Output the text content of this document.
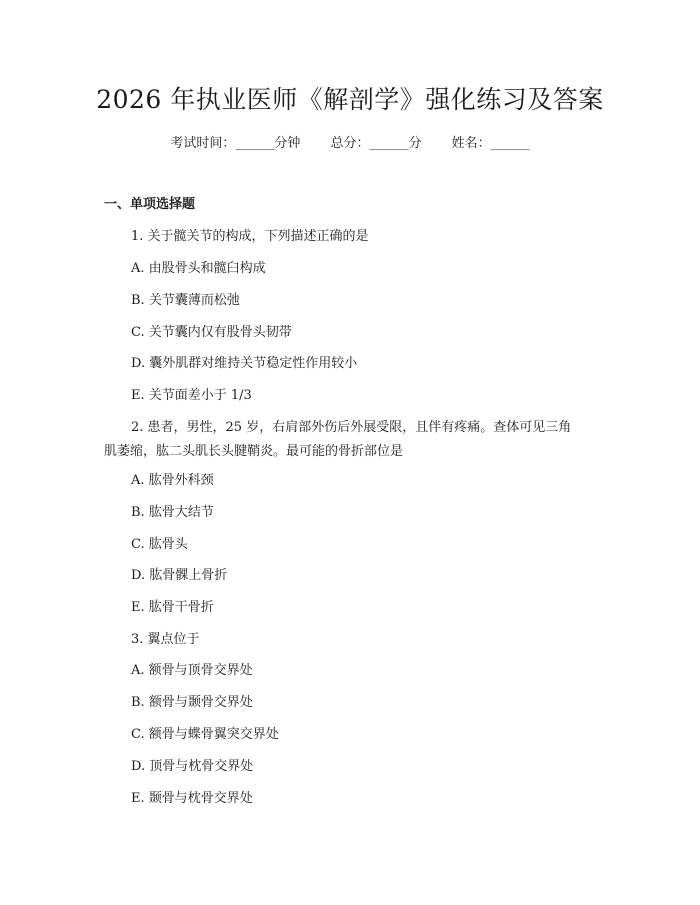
2026 年执业医师《解剖学》强化练习及答案
考试时间：______分钟 总分：______分 姓名：______
一、单项选择题
1. 关于髋关节的构成，下列描述正确的是
A. 由股骨头和髋臼构成
B. 关节囊薄而松弛
C. 关节囊内仅有股骨头韧带
D. 囊外肌群对维持关节稳定性作用较小
E. 关节面差小于 1/3
2. 患者，男性，25 岁，右肩部外伤后外展受限，且伴有疼痛。查体可见三角
肌萎缩，肱二头肌长头腱鞘炎。最可能的骨折部位是
A. 肱骨外科颈
B. 肱骨大结节
C. 肱骨头
D. 肱骨髁上骨折
E. 肱骨干骨折
3. 翼点位于
A. 额骨与顶骨交界处
B. 额骨与颞骨交界处
C. 额骨与蝶骨翼突交界处
D. 顶骨与枕骨交界处
E. 颞骨与枕骨交界处
